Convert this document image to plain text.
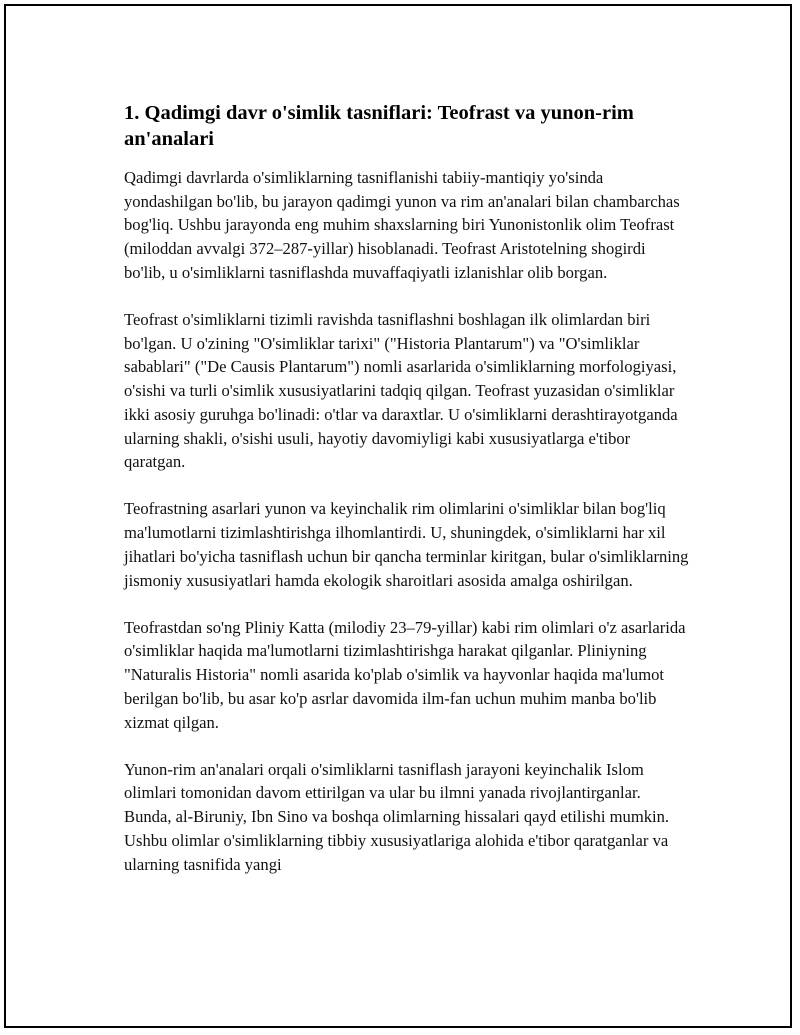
1. Qadimgi davr o'simlik tasniflari: Teofrast va yunon-rim an'analari

Qadimgi davrlarda o'simliklarning tasniflanishi tabiiy-mantiqiy yo'sinda yondashilgan bo'lib, bu jarayon qadimgi yunon va rim an'analari bilan chambarchas bog'liq. Ushbu jarayonda eng muhim shaxslarning biri Yunonistonlik olim Teofrast (miloddan avvalgi 372–287-yillar) hisoblanadi. Teofrast Aristotelning shogirdi bo'lib, u o'simliklarni tasniflashda muvaffaqiyatli izlanishlar olib borgan.

Teofrast o'simliklarni tizimli ravishda tasniflashni boshlagan ilk olimlardan biri bo'lgan. U o'zining "O'simliklar tarixi" ("Historia Plantarum") va "O'simliklar sabablari" ("De Causis Plantarum") nomli asarlarida o'simliklarning morfologiyasi, o'sishi va turli o'simlik xususiyatlarini tadqiq qilgan. Teofrast yuzasidan o'simliklar ikki asosiy guruhga bo'linadi: o'tlar va daraxtlar. U o'simliklarni derashtirayotganda ularning shakli, o'sishi usuli, hayotiy davomiyligi kabi xususiyatlarga e'tibor qaratgan.

Teofrastning asarlari yunon va keyinchalik rim olimlarini o'simliklar bilan bog'liq ma'lumotlarni tizimlashtirishga ilhomlantirdi. U, shuningdek, o'simliklarni har xil jihatlari bo'yicha tasniflash uchun bir qancha terminlar kiritgan, bular o'simliklarning jismoniy xususiyatlari hamda ekologik sharoitlari asosida amalga oshirilgan.

Teofrastdan so'ng Pliniy Katta (milodiy 23–79-yillar) kabi rim olimlari o'z asarlarida o'simliklar haqida ma'lumotlarni tizimlashtirishga harakat qilganlar. Pliniyning "Naturalis Historia" nomli asarida ko'plab o'simlik va hayvonlar haqida ma'lumot berilgan bo'lib, bu asar ko'p asrlar davomida ilm-fan uchun muhim manba bo'lib xizmat qilgan.

Yunon-rim an'analari orqali o'simliklarni tasniflash jarayoni keyinchalik Islom olimlari tomonidan davom ettirilgan va ular bu ilmni yanada rivojlantirganlar. Bunda, al-Biruniy, Ibn Sino va boshqa olimlarning hissalari qayd etilishi mumkin. Ushbu olimlar o'simliklarning tibbiy xususiyatlariga alohida e'tibor qaratganlar va ularning tasnifida yangi
